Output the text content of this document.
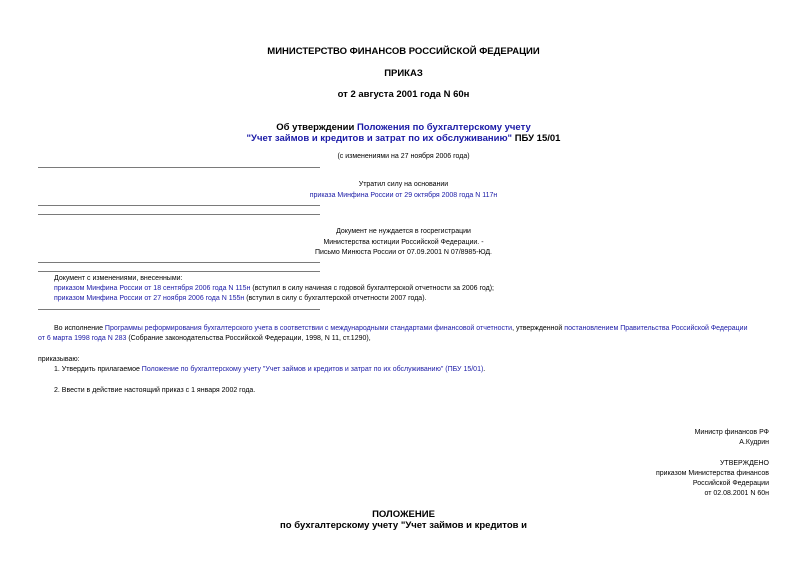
МИНИСТЕРСТВО ФИНАНСОВ РОССИЙСКОЙ ФЕДЕРАЦИИ
ПРИКАЗ
от 2 августа 2001 года N 60н
Об утверждении Положения по бухгалтерскому учету
"Учет займов и кредитов и затрат по их обслуживанию" ПБУ 15/01
(с изменениями на 27 ноября 2006 года)
Утратил силу на основании
приказа Минфина России от 29 октября 2008 года N 117н
Документ не нуждается в госрегистрации
Министерства юстиции Российской Федерации. -
Письмо Минюста России от 07.09.2001 N 07/8985-ЮД.
Документ с изменениями, внесенными:
приказом Минфина России от 18 сентября 2006 года N 115н (вступил в силу начиная с годовой бухгалтерской отчетности за 2006 год);
приказом Минфина России от 27 ноября 2006 года N 155н (вступил в силу с бухгалтерской отчетности 2007 года).
Во исполнение Программы реформирования бухгалтерского учета в соответствии с международными стандартами финансовой отчетности, утвержденной постановлением Правительства Российской Федерации
от 6 марта 1998 года N 283 (Собрание законодательства Российской Федерации, 1998, N 11, ст.1290),
приказываю:
1. Утвердить прилагаемое Положение по бухгалтерскому учету "Учет займов и кредитов и затрат по их обслуживанию" (ПБУ 15/01).
2. Ввести в действие настоящий приказ с 1 января 2002 года.
Министр финансов РФ
А.Кудрин
УТВЕРЖДЕНО
приказом Министерства финансов
Российской Федерации
от 02.08.2001 N 60н
ПОЛОЖЕНИЕ
по бухгалтерскому учету "Учет займов и кредитов и
